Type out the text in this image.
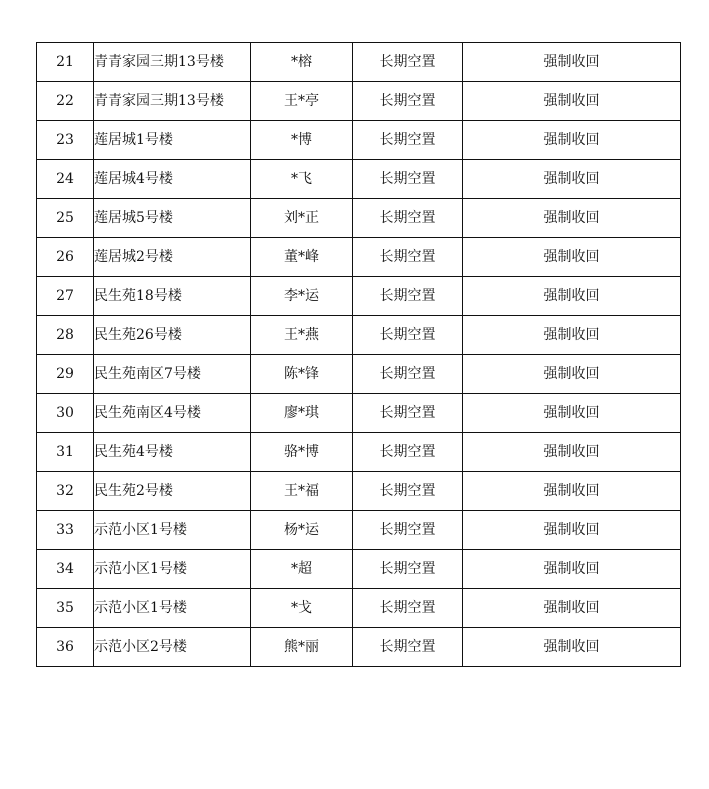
21	青青家园三期13号楼	*榕	长期空置	强制收回
22	青青家园三期13号楼	王*亭	长期空置	强制收回
23	莲居城1号楼	*博	长期空置	强制收回
24	莲居城4号楼	*飞	长期空置	强制收回
25	莲居城5号楼	刘*正	长期空置	强制收回
26	莲居城2号楼	董*峰	长期空置	强制收回
27	民生苑18号楼	李*运	长期空置	强制收回
28	民生苑26号楼	王*燕	长期空置	强制收回
29	民生苑南区7号楼	陈*锋	长期空置	强制收回
30	民生苑南区4号楼	廖*琪	长期空置	强制收回
31	民生苑4号楼	骆*博	长期空置	强制收回
32	民生苑2号楼	王*福	长期空置	强制收回
33	示范小区1号楼	杨*运	长期空置	强制收回
34	示范小区1号楼	*超	长期空置	强制收回
35	示范小区1号楼	*戈	长期空置	强制收回
36	示范小区2号楼	熊*丽	长期空置	强制收回
